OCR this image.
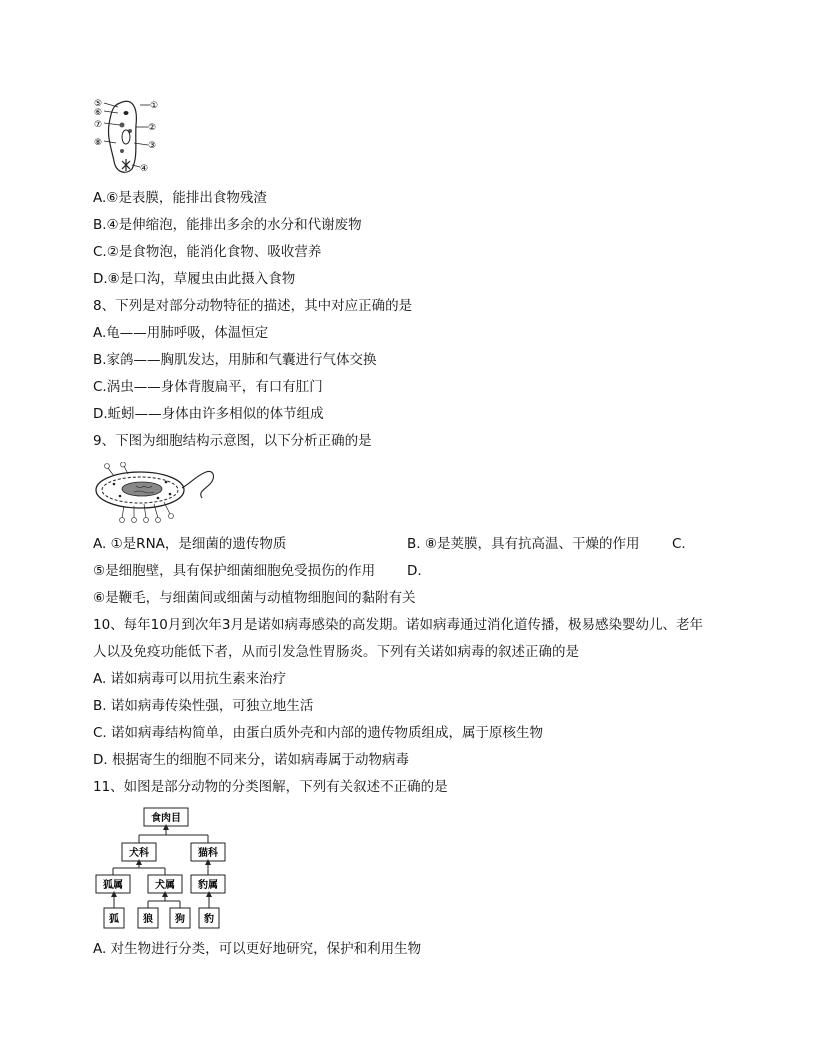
⑤
⑥
①
⑦	②
⑧	③
④
A.⑥是表膜，能排出食物残渣
B.④是伸缩泡，能排出多余的水分和代谢废物
C.②是食物泡，能消化食物、吸收营养
D.⑧是口沟，草履虫由此摄入食物
8、下列是对部分动物特征的描述，其中对应正确的是
A.龟——用肺呼吸，体温恒定
B.家鸽——胸肌发达，用肺和气囊进行气体交换
C.涡虫——身体背腹扁平，有口有肛门
D.蚯蚓——身体由许多相似的体节组成
9、下图为细胞结构示意图，以下分析正确的是
A. ①是RNA，是细菌的遗传物质	B. ⑧是荚膜，具有抗高温、干燥的作用 C.
⑤是细胞壁，具有保护细菌细胞免受损伤的作用 D.
⑥是鞭毛，与细菌间或细菌与动植物细胞间的黏附有关
10、每年10月到次年3月是诺如病毒感染的高发期。诺如病毒通过消化道传播，极易感染婴幼儿、老年
人以及免疫功能低下者，从而引发急性胃肠炎。下列有关诺如病毒的叙述正确的是
A. 诺如病毒可以用抗生素来治疗
B. 诺如病毒传染性强，可独立地生活
C. 诺如病毒结构简单，由蛋白质外壳和内部的遗传物质组成，属于原核生物
D. 根据寄生的细胞不同来分，诺如病毒属于动物病毒
11、如图是部分动物的分类图解，下列有关叙述不正确的是
食肉目
犬科	猫科
狐属	犬属 豹属
狐 狼 狗 豹
A. 对生物进行分类，可以更好地研究，保护和利用生物
